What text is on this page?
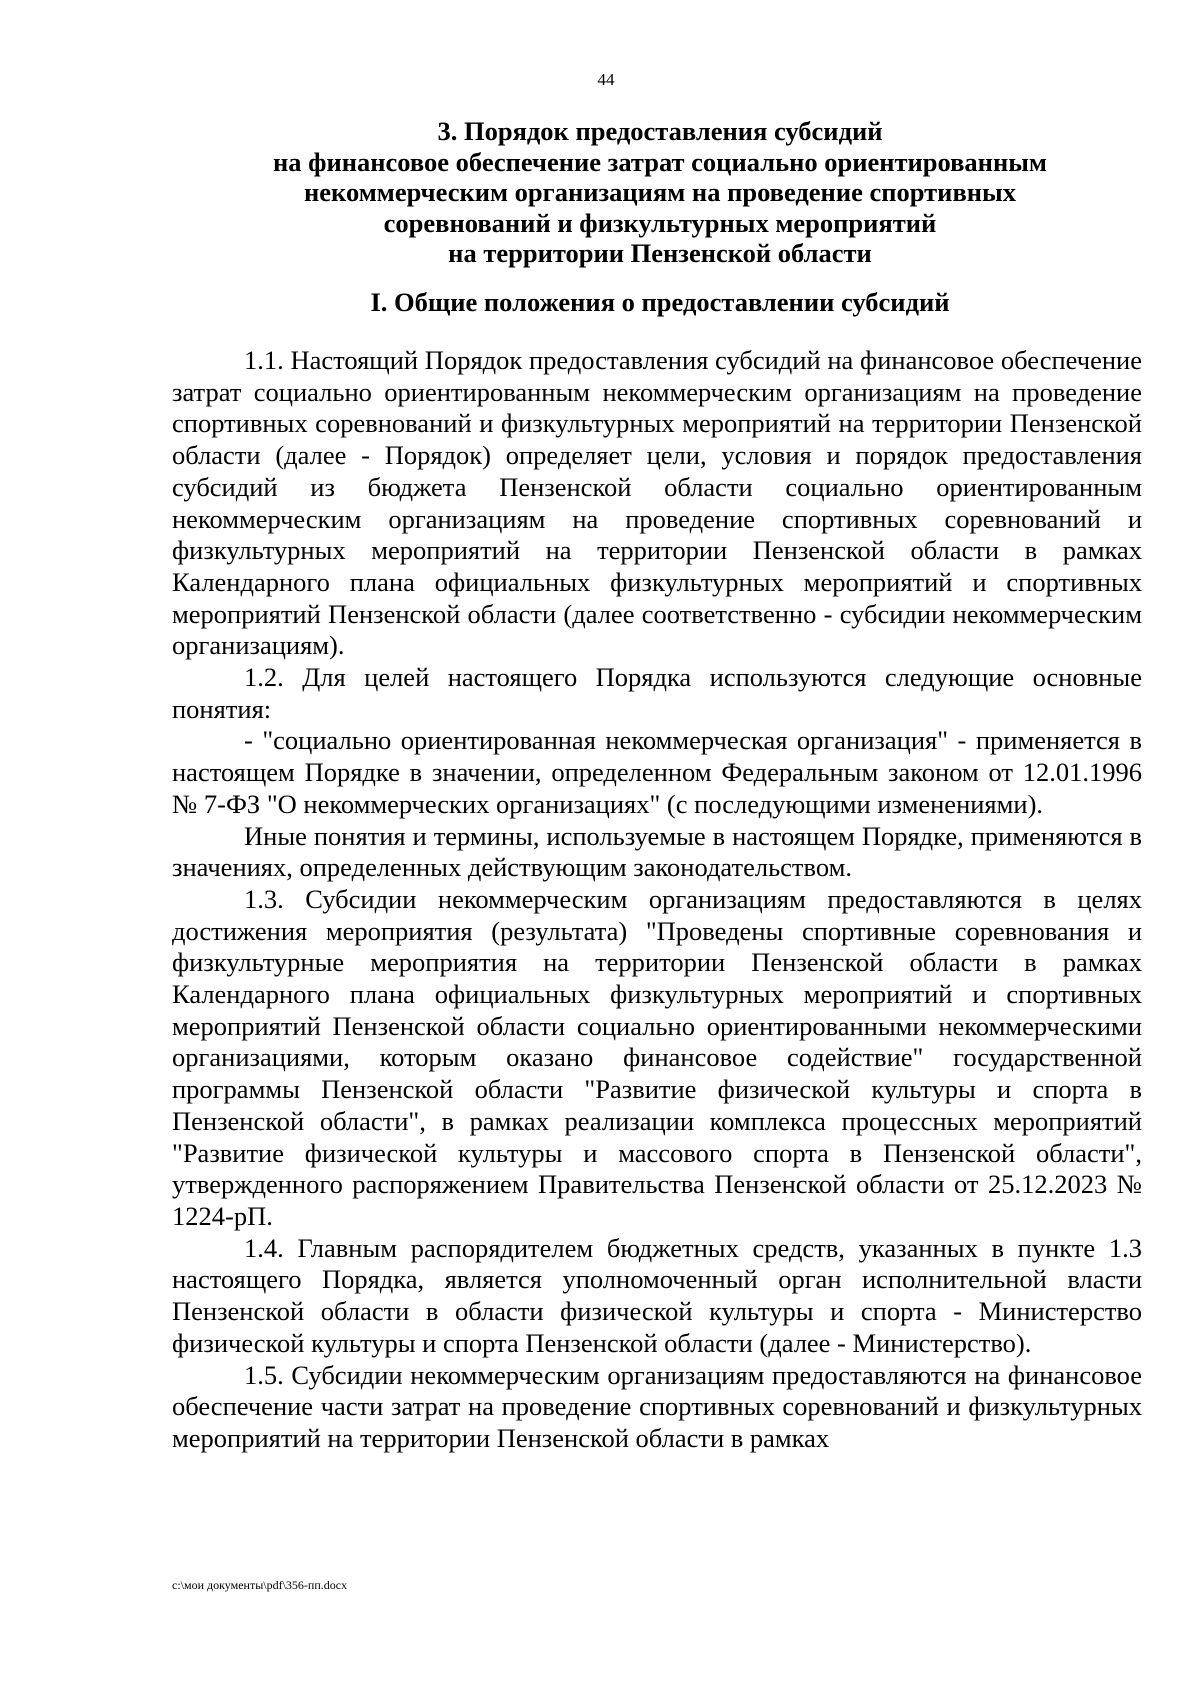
44
3. Порядок предоставления субсидий
на финансовое обеспечение затрат социально ориентированным
некоммерческим организациям на проведение спортивных
соревнований и физкультурных мероприятий
на территории Пензенской области
I. Общие положения о предоставлении субсидий

1.1. Настоящий Порядок предоставления субсидий на финансовое обеспечение затрат социально ориентированным некоммерческим организациям на проведение спортивных соревнований и физкультурных мероприятий на территории Пензенской области (далее - Порядок) определяет цели, условия и порядок предоставления субсидий из бюджета Пензенской области социально ориентированным некоммерческим организациям на проведение спортивных соревнований и физкультурных мероприятий на территории Пензенской области в рамках Календарного плана официальных физкультурных мероприятий и спортивных мероприятий Пензенской области (далее соответственно - субсидии некоммерческим организациям).

1.2. Для целей настоящего Порядка используются следующие основные понятия:

- "социально ориентированная некоммерческая организация" - применяется в настоящем Порядке в значении, определенном Федеральным законом от 12.01.1996 № 7-ФЗ "О некоммерческих организациях" (с последующими изменениями).

Иные понятия и термины, используемые в настоящем Порядке, применяются в значениях, определенных действующим законодательством.

1.3. Субсидии некоммерческим организациям предоставляются в целях достижения мероприятия (результата) "Проведены спортивные соревнования и физкультурные мероприятия на территории Пензенской области в рамках Календарного плана официальных физкультурных мероприятий и спортивных мероприятий Пензенской области социально ориентированными некоммерческими организациями, которым оказано финансовое содействие" государственной программы Пензенской области "Развитие физической культуры и спорта в Пензенской области", в рамках реализации комплекса процессных мероприятий "Развитие физической культуры и массового спорта в Пензенской области", утвержденного распоряжением Правительства Пензенской области от 25.12.2023 № 1224-рП.

1.4. Главным распорядителем бюджетных средств, указанных в пункте 1.3 настоящего Порядка, является уполномоченный орган исполнительной власти Пензенской области в области физической культуры и спорта - Министерство физической культуры и спорта Пензенской области (далее - Министерство).

1.5. Субсидии некоммерческим организациям предоставляются на финансовое обеспечение части затрат на проведение спортивных соревнований и физкультурных мероприятий на территории Пензенской области в рамках

c:\мои документы\pdf\356-пп.docx
